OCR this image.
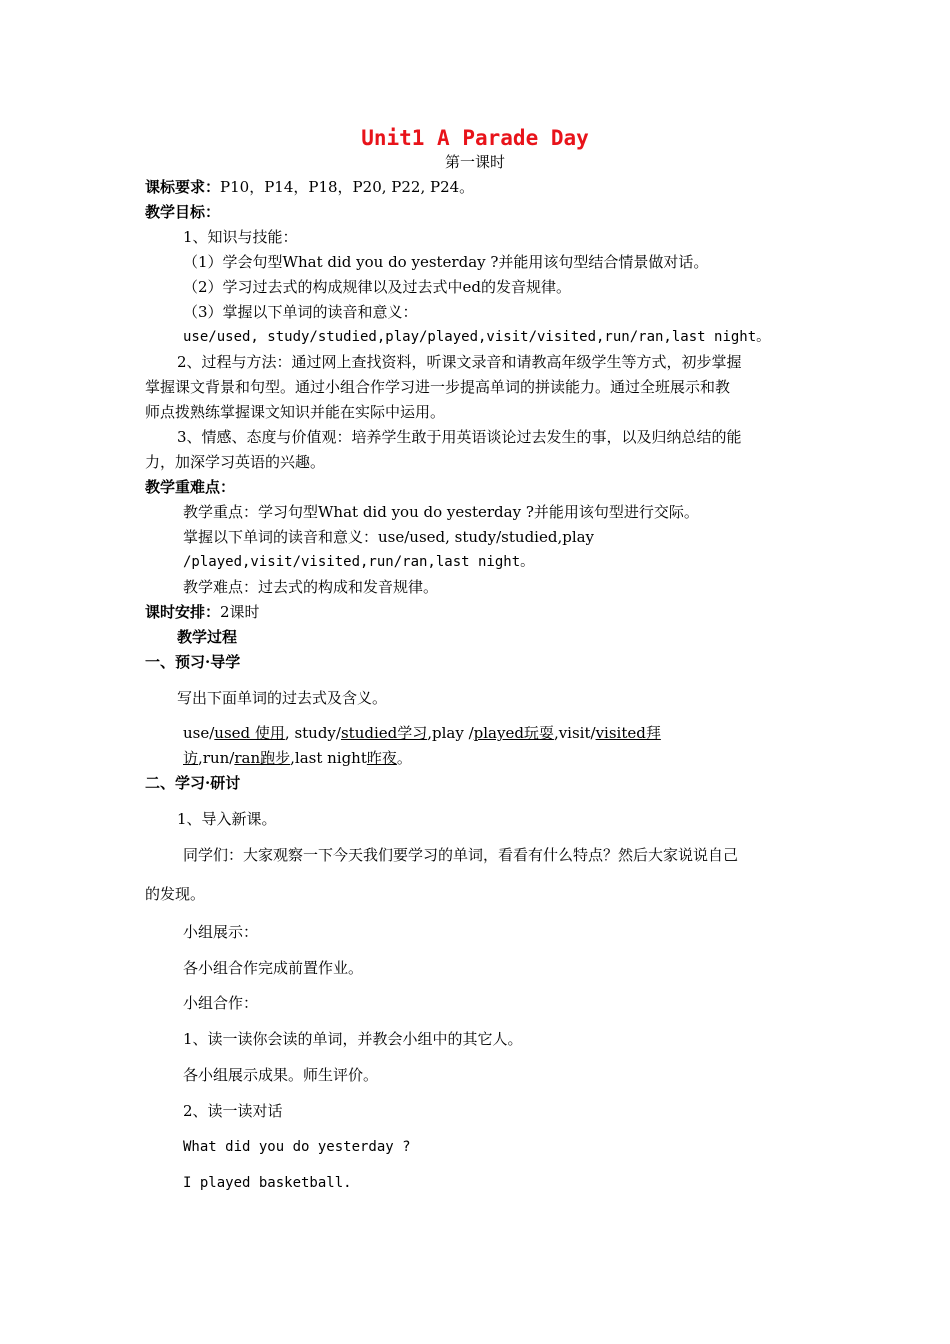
Unit1 A Parade Day
第一课时
课标要求：P10，P14，P18，P20, P22, P24。
教学目标：
1、知识与技能：
（1）学会句型What did you do yesterday ?并能用该句型结合情景做对话。
（2）学习过去式的构成规律以及过去式中ed的发音规律。
（3）掌握以下单词的读音和意义：
use/used, study/studied,play/played,visit/visited,run/ran,last night。
2、过程与方法：通过网上查找资料，听课文录音和请教高年级学生等方式，初步掌握
掌握课文背景和句型。通过小组合作学习进一步提高单词的拼读能力。通过全班展示和教
师点拨熟练掌握课文知识并能在实际中运用。
3、情感、态度与价值观：培养学生敢于用英语谈论过去发生的事，以及归纳总结的能
力，加深学习英语的兴趣。
教学重难点：
教学重点：学习句型What did you do yesterday ?并能用该句型进行交际。
掌握以下单词的读音和意义：use/used, study/studied,play
/played,visit/visited,run/ran,last night。
教学难点：过去式的构成和发音规律。
课时安排：2课时
教学过程
一、预习·导学
写出下面单词的过去式及含义。
use/used 使用, study/studied学习,play /played玩耍,visit/visited拜
访,run/ran跑步,last night昨夜。
二、学习·研讨
1、导入新课。
同学们：大家观察一下今天我们要学习的单词，看看有什么特点？然后大家说说自己
的发现。
小组展示：
各小组合作完成前置作业。
小组合作：
1、读一读你会读的单词，并教会小组中的其它人。
各小组展示成果。师生评价。
2、读一读对话
What did you do yesterday ?
I played basketball.
